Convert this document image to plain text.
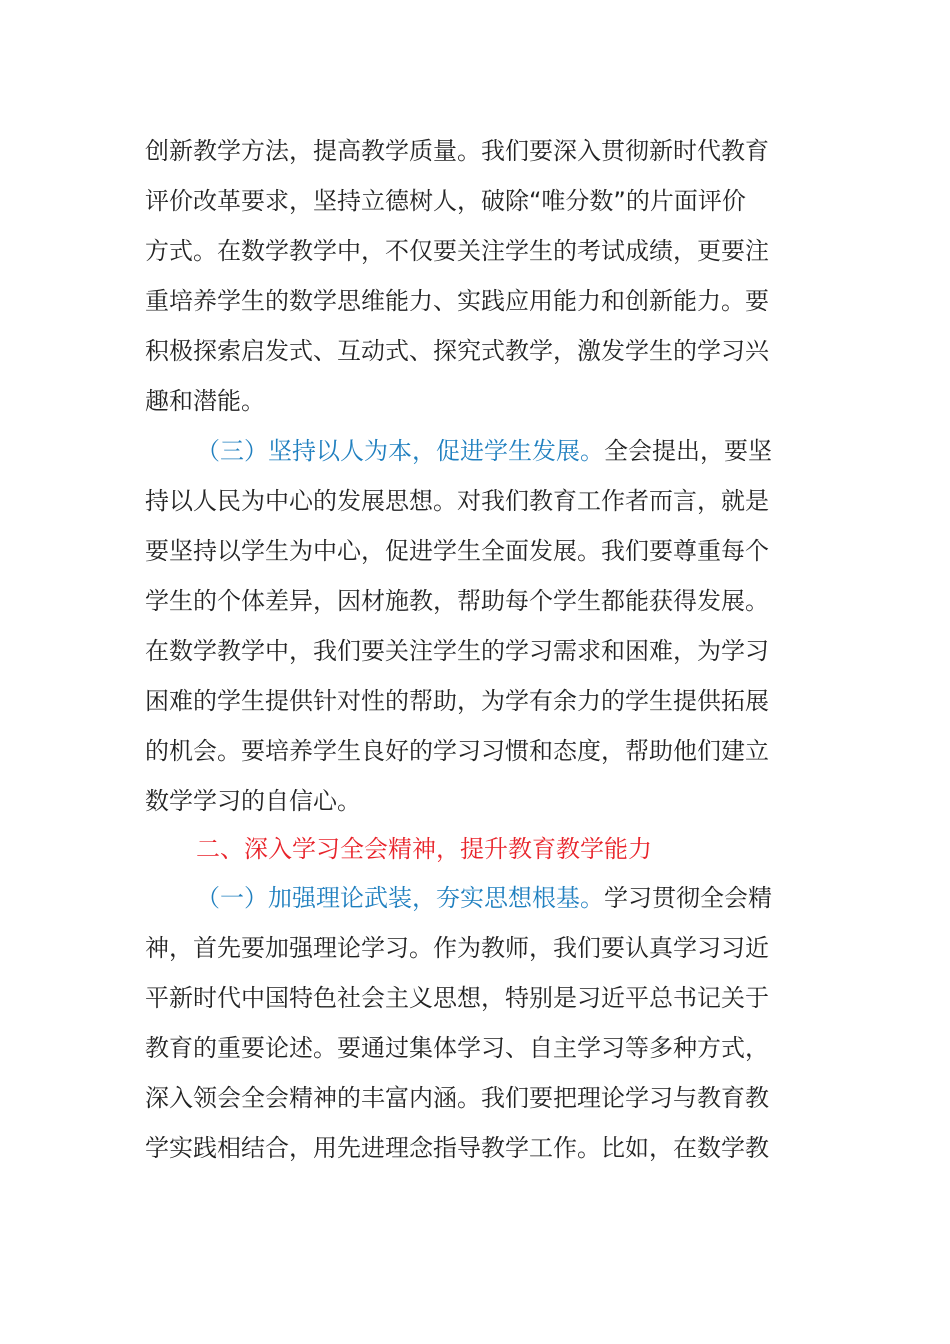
创新教学方法，提高教学质量。我们要深入贯彻新时代教育
评价改革要求，坚持立德树人，破除“唯分数”的片面评价
方式。在数学教学中，不仅要关注学生的考试成绩，更要注
重培养学生的数学思维能力、实践应用能力和创新能力。要
积极探索启发式、互动式、探究式教学，激发学生的学习兴
趣和潜能。
（三）坚持以人为本，促进学生发展。全会提出，要坚
持以人民为中心的发展思想。对我们教育工作者而言，就是
要坚持以学生为中心，促进学生全面发展。我们要尊重每个
学生的个体差异，因材施教，帮助每个学生都能获得发展。
在数学教学中，我们要关注学生的学习需求和困难，为学习
困难的学生提供针对性的帮助，为学有余力的学生提供拓展
的机会。要培养学生良好的学习习惯和态度，帮助他们建立
数学学习的自信心。
二、深入学习全会精神，提升教育教学能力
（一）加强理论武装，夯实思想根基。学习贯彻全会精
神，首先要加强理论学习。作为教师，我们要认真学习习近
平新时代中国特色社会主义思想，特别是习近平总书记关于
教育的重要论述。要通过集体学习、自主学习等多种方式，
深入领会全会精神的丰富内涵。我们要把理论学习与教育教
学实践相结合，用先进理念指导教学工作。比如，在数学教
